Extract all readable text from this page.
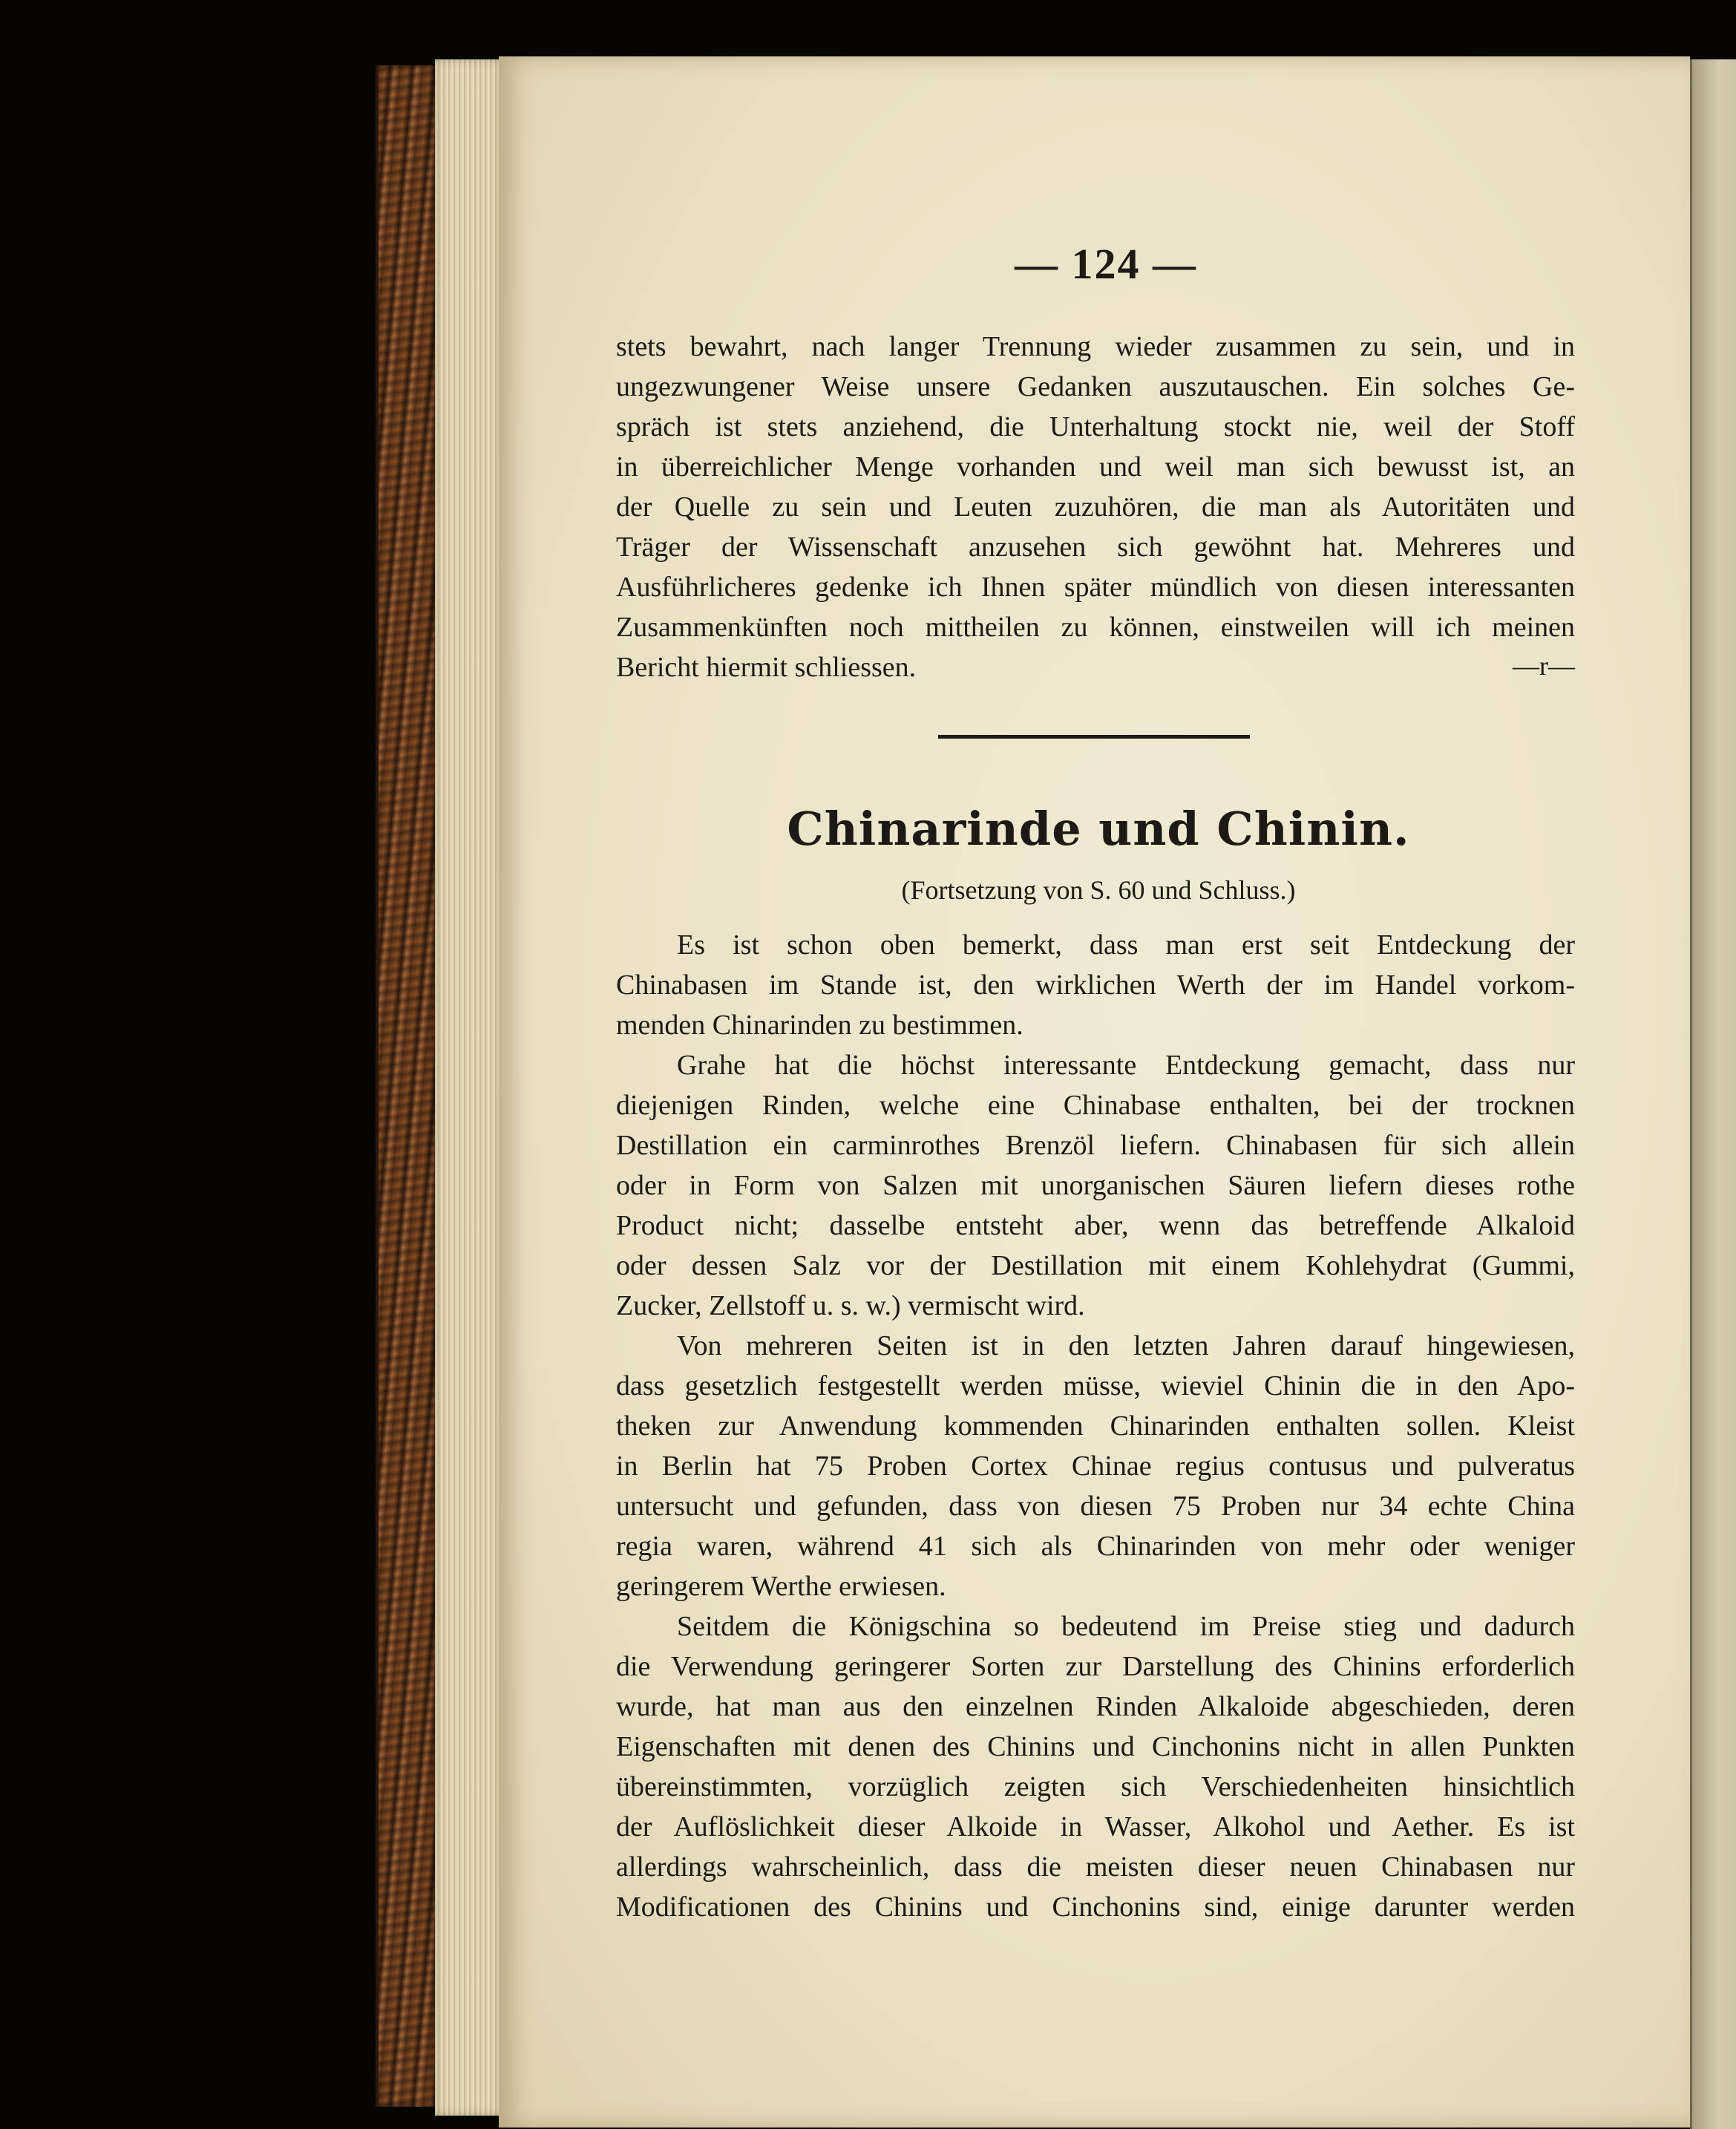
— 124 —
stets bewahrt, nach langer Trennung wieder zusammen zu sein, und in
ungezwungener Weise unsere Gedanken auszutauschen. Ein solches Ge-
spräch ist stets anziehend, die Unterhaltung stockt nie, weil der Stoff
in überreichlicher Menge vorhanden und weil man sich bewusst ist, an
der Quelle zu sein und Leuten zuzuhören, die man als Autoritäten und
Träger der Wissenschaft anzusehen sich gewöhnt hat. Mehreres und
Ausführlicheres gedenke ich Ihnen später mündlich von diesen interessanten
Zusammenkünften noch mittheilen zu können, einstweilen will ich meinen
Bericht hiermit schliessen.	—r—
Chinarinde und Chinin.
(Fortsetzung von S. 60 und Schluss.)
Es ist schon oben bemerkt, dass man erst seit Entdeckung der
Chinabasen im Stande ist, den wirklichen Werth der im Handel vorkom-
menden Chinarinden zu bestimmen.
Grahe hat die höchst interessante Entdeckung gemacht, dass nur
diejenigen Rinden, welche eine Chinabase enthalten, bei der trocknen
Destillation ein carminrothes Brenzöl liefern. Chinabasen für sich allein
oder in Form von Salzen mit unorganischen Säuren liefern dieses rothe
Product nicht; dasselbe entsteht aber, wenn das betreffende Alkaloid
oder dessen Salz vor der Destillation mit einem Kohlehydrat (Gummi,
Zucker, Zellstoff u. s. w.) vermischt wird.
Von mehreren Seiten ist in den letzten Jahren darauf hingewiesen,
dass gesetzlich festgestellt werden müsse, wieviel Chinin die in den Apo-
theken zur Anwendung kommenden Chinarinden enthalten sollen. Kleist
in Berlin hat 75 Proben Cortex Chinae regius contusus und pulveratus
untersucht und gefunden, dass von diesen 75 Proben nur 34 echte China
regia waren, während 41 sich als Chinarinden von mehr oder weniger
geringerem Werthe erwiesen.
Seitdem die Königschina so bedeutend im Preise stieg und dadurch
die Verwendung geringerer Sorten zur Darstellung des Chinins erforderlich
wurde, hat man aus den einzelnen Rinden Alkaloide abgeschieden, deren
Eigenschaften mit denen des Chinins und Cinchonins nicht in allen Punkten
übereinstimmten, vorzüglich zeigten sich Verschiedenheiten hinsichtlich
der Auflöslichkeit dieser Alkoide in Wasser, Alkohol und Aether. Es ist
allerdings wahrscheinlich, dass die meisten dieser neuen Chinabasen nur
Modificationen des Chinins und Cinchonins sind, einige darunter werden
